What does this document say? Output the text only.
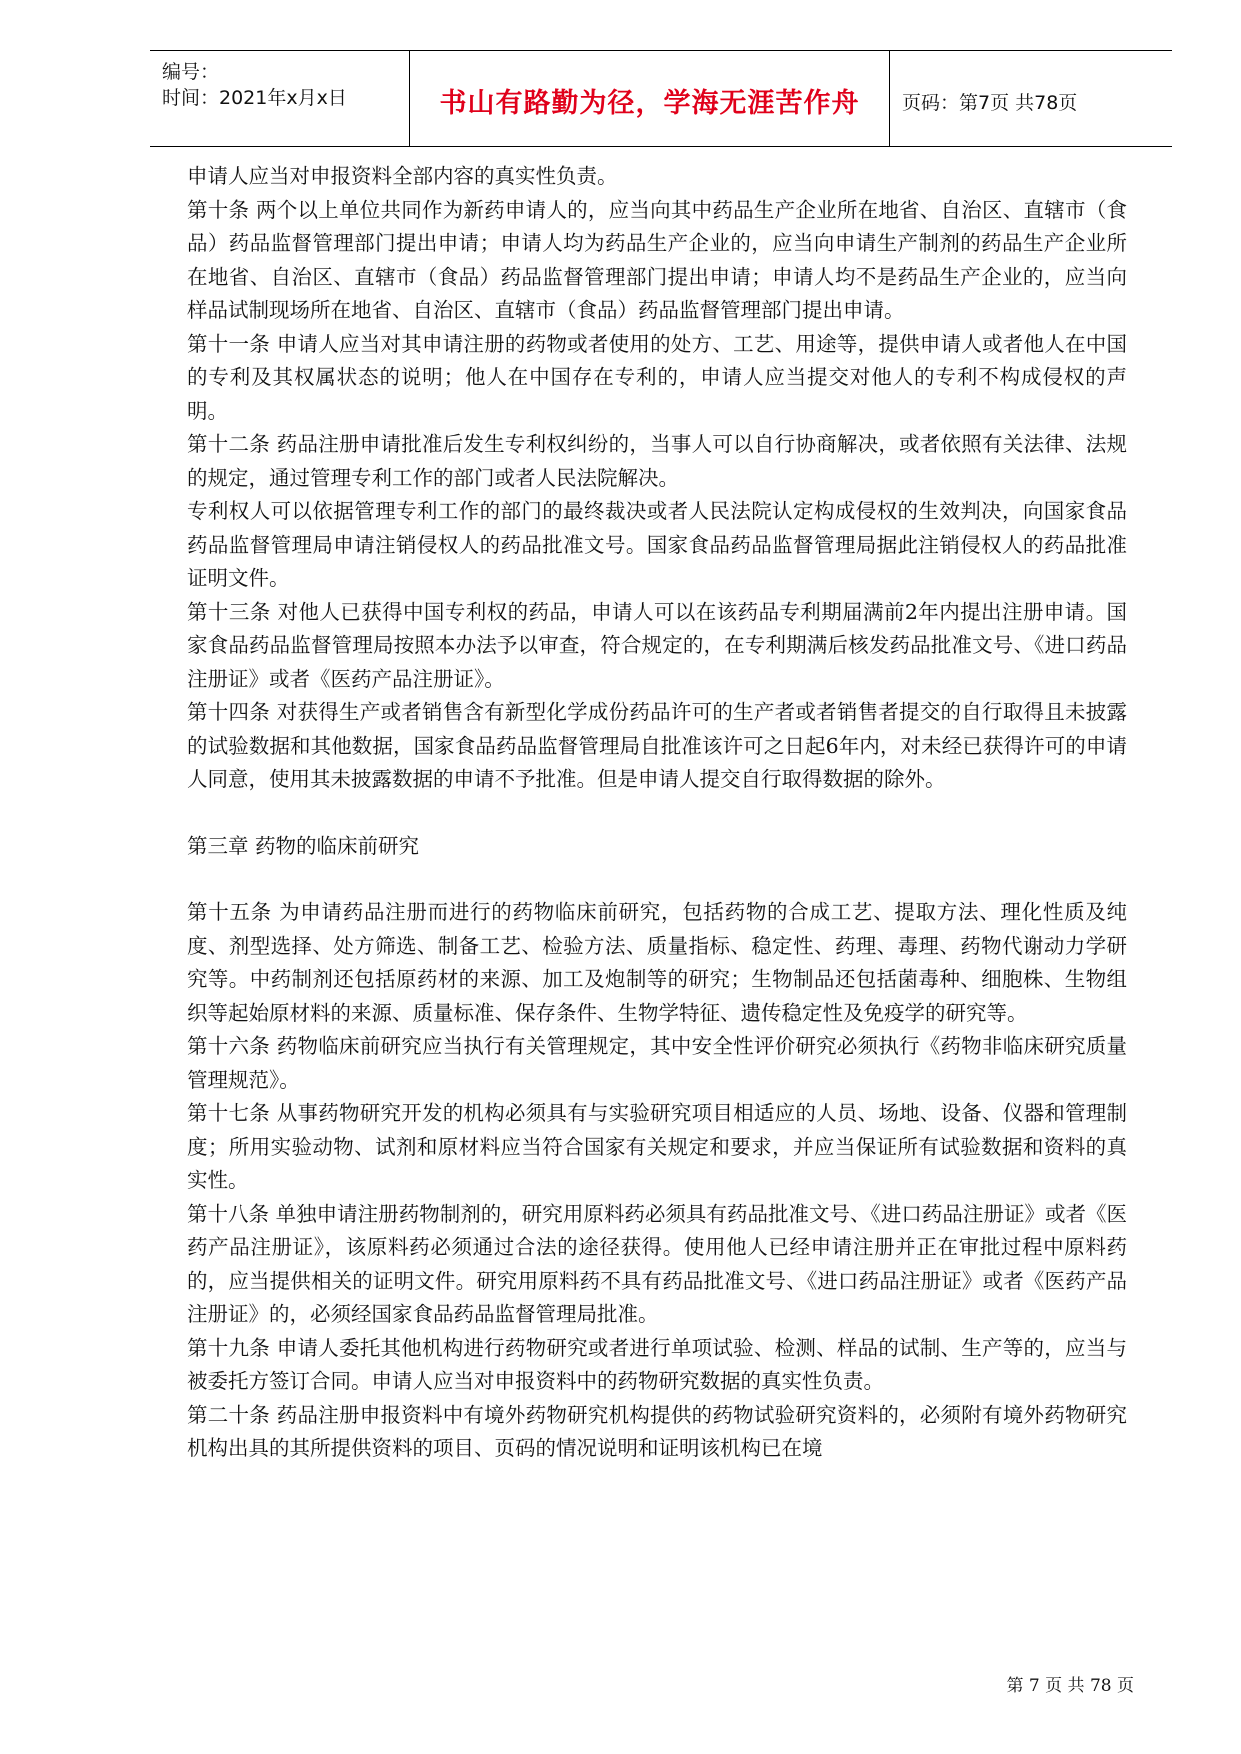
编号：
时间：2021年x月x日	书山有路勤为径，学海无涯苦作舟	页码：第7页 共78页

申请人应当对申报资料全部内容的真实性负责。

第十条 两个以上单位共同作为新药申请人的，应当向其中药品生产企业所在地省、自治区、直辖市（食品）药品监督管理部门提出申请；申请人均为药品生产企业的，应当向申请生产制剂的药品生产企业所在地省、自治区、直辖市（食品）药品监督管理部门提出申请；申请人均不是药品生产企业的，应当向样品试制现场所在地省、自治区、直辖市（食品）药品监督管理部门提出申请。

第十一条 申请人应当对其申请注册的药物或者使用的处方、工艺、用途等，提供申请人或者他人在中国的专利及其权属状态的说明；他人在中国存在专利的，申请人应当提交对他人的专利不构成侵权的声明。

第十二条 药品注册申请批准后发生专利权纠纷的，当事人可以自行协商解决，或者依照有关法律、法规的规定，通过管理专利工作的部门或者人民法院解决。

专利权人可以依据管理专利工作的部门的最终裁决或者人民法院认定构成侵权的生效判决，向国家食品药品监督管理局申请注销侵权人的药品批准文号。国家食品药品监督管理局据此注销侵权人的药品批准证明文件。

第十三条 对他人已获得中国专利权的药品，申请人可以在该药品专利期届满前2年内提出注册申请。国家食品药品监督管理局按照本办法予以审查，符合规定的，在专利期满后核发药品批准文号、《进口药品注册证》或者《医药产品注册证》。

第十四条 对获得生产或者销售含有新型化学成份药品许可的生产者或者销售者提交的自行取得且未披露的试验数据和其他数据，国家食品药品监督管理局自批准该许可之日起6年内，对未经已获得许可的申请人同意，使用其未披露数据的申请不予批准。但是申请人提交自行取得数据的除外。

第三章 药物的临床前研究

第十五条 为申请药品注册而进行的药物临床前研究，包括药物的合成工艺、提取方法、理化性质及纯度、剂型选择、处方筛选、制备工艺、检验方法、质量指标、稳定性、药理、毒理、药物代谢动力学研究等。中药制剂还包括原药材的来源、加工及炮制等的研究；生物制品还包括菌毒种、细胞株、生物组织等起始原材料的来源、质量标准、保存条件、生物学特征、遗传稳定性及免疫学的研究等。

第十六条 药物临床前研究应当执行有关管理规定，其中安全性评价研究必须执行《药物非临床研究质量管理规范》。

第十七条 从事药物研究开发的机构必须具有与实验研究项目相适应的人员、场地、设备、仪器和管理制度；所用实验动物、试剂和原材料应当符合国家有关规定和要求，并应当保证所有试验数据和资料的真实性。

第十八条 单独申请注册药物制剂的，研究用原料药必须具有药品批准文号、《进口药品注册证》或者《医药产品注册证》，该原料药必须通过合法的途径获得。使用他人已经申请注册并正在审批过程中原料药的，应当提供相关的证明文件。研究用原料药不具有药品批准文号、《进口药品注册证》或者《医药产品注册证》的，必须经国家食品药品监督管理局批准。

第十九条 申请人委托其他机构进行药物研究或者进行单项试验、检测、样品的试制、生产等的，应当与被委托方签订合同。申请人应当对申报资料中的药物研究数据的真实性负责。

第二十条 药品注册申报资料中有境外药物研究机构提供的药物试验研究资料的，必须附有境外药物研究机构出具的其所提供资料的项目、页码的情况说明和证明该机构已在境

第 7 页 共 78 页
